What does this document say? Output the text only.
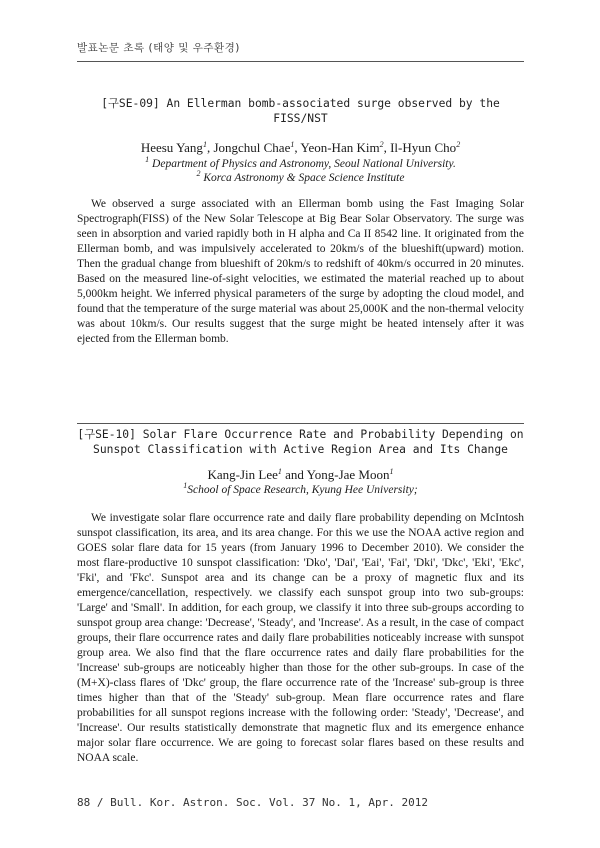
발표논문 초록 (태양 및 우주환경)
[구SE-09] An Ellerman bomb-associated surge observed by the
FISS/NST
Heesu Yang$^1$, Jongchul Chae$^1$, Yeon-Han Kim$^2$, Il-Hyun Cho$^2$
$^1$ Department of Physics and Astronomy, Seoul National University.
$^2$ Korca Astronomy & Space Science Institute

We observed a surge associated with an Ellerman bomb using the Fast Imaging Solar Spectrograph(FISS) of the New Solar Telescope at Big Bear Solar Observatory. The surge was seen in absorption and varied rapidly both in H alpha and Ca II 8542 line. It originated from the Ellerman bomb, and was impulsively accelerated to 20km/s of the blueshift(upward) motion. Then the gradual change from blueshift of 20km/s to redshift of 40km/s occurred in 20 minutes. Based on the measured line-of-sight velocities, we estimated the material reached up to about 5,000km height. We inferred physical parameters of the surge by adopting the cloud model, and found that the temperature of the surge material was about 25,000K and the non-thermal velocity was about 10km/s. Our results suggest that the surge might be heated intensely after it was ejected from the Ellerman bomb.

[구SE-10] Solar Flare Occurrence Rate and Probability Depending on
Sunspot Classification with Active Region Area and Its Change
Kang-Jin Lee$^1$ and Yong-Jae Moon$^1$
$^1$School of Space Research, Kyung Hee University;

We investigate solar flare occurrence rate and daily flare probability depending on McIntosh sunspot classification, its area, and its area change. For this we use the NOAA active region and GOES solar flare data for 15 years (from January 1996 to December 2010). We consider the most flare-productive 10 sunspot classification: 'Dko', 'Dai', 'Eai', 'Fai', 'Dki', 'Dkc', 'Eki', 'Ekc', 'Fki', and 'Fkc'. Sunspot area and its change can be a proxy of magnetic flux and its emergence/cancellation, respectively. we classify each sunspot group into two sub-groups: 'Large' and 'Small'. In addition, for each group, we classify it into three sub-groups according to sunspot group area change: 'Decrease', 'Steady', and 'Increase'. As a result, in the case of compact groups, their flare occurrence rates and daily flare probabilities noticeably increase with sunspot group area. We also find that the flare occurrence rates and daily flare probabilities for the 'Increase' sub-groups are noticeably higher than those for the other sub-groups. In case of the (M+X)-class flares of 'Dkc' group, the flare occurrence rate of the 'Increase' sub-group is three times higher than that of the 'Steady' sub-group. Mean flare occurrence rates and flare probabilities for all sunspot regions increase with the following order: 'Steady', 'Decrease', and 'Increase'. Our results statistically demonstrate that magnetic flux and its emergence enhance major solar flare occurrence. We are going to forecast solar flares based on these results and NOAA scale.

88 / Bull. Kor. Astron. Soc. Vol. 37 No. 1, Apr. 2012
